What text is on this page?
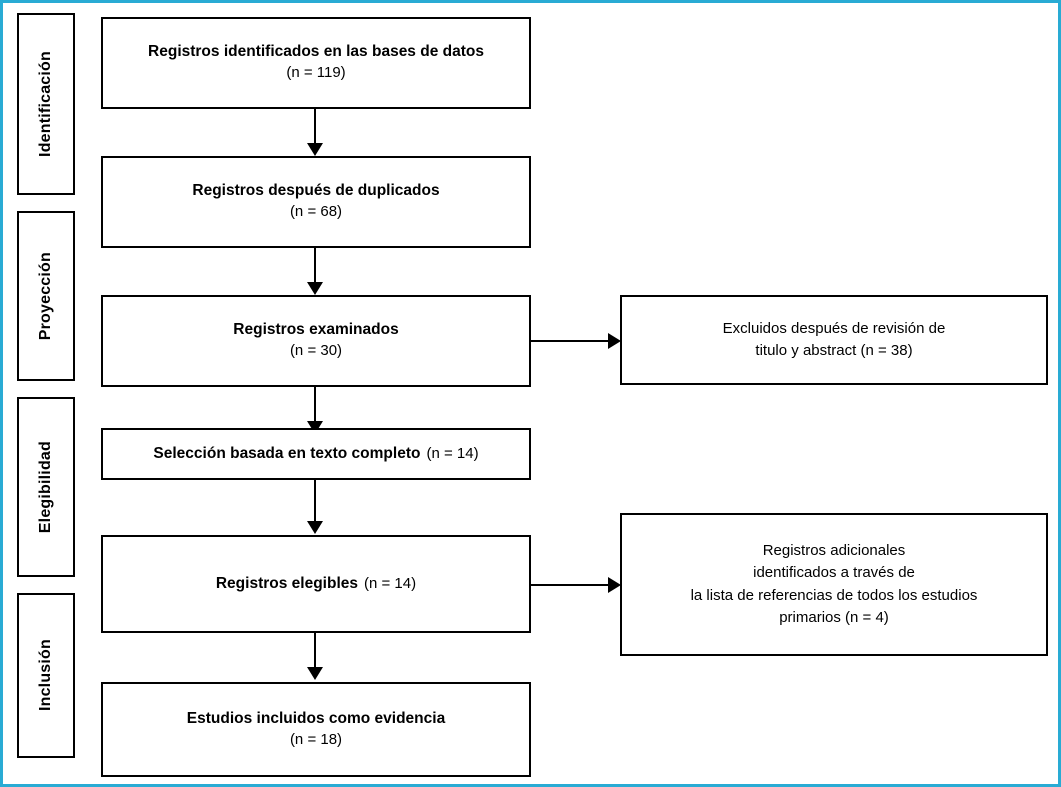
Identificación
Proyección
Elegibilidad
Inclusión
Registros identificados en las bases de datos
(n = 119)
Registros después de duplicados
(n = 68)
Registros examinados
(n = 30)
Excluidos después de revisión de
titulo y abstract (n = 38)
Selección basada en texto completo (n = 14)
Registros elegibles (n = 14)
Registros adicionales
identificados a través de
la lista de referencias de todos los estudios
primarios (n = 4)
Estudios incluidos como evidencia
(n = 18)
